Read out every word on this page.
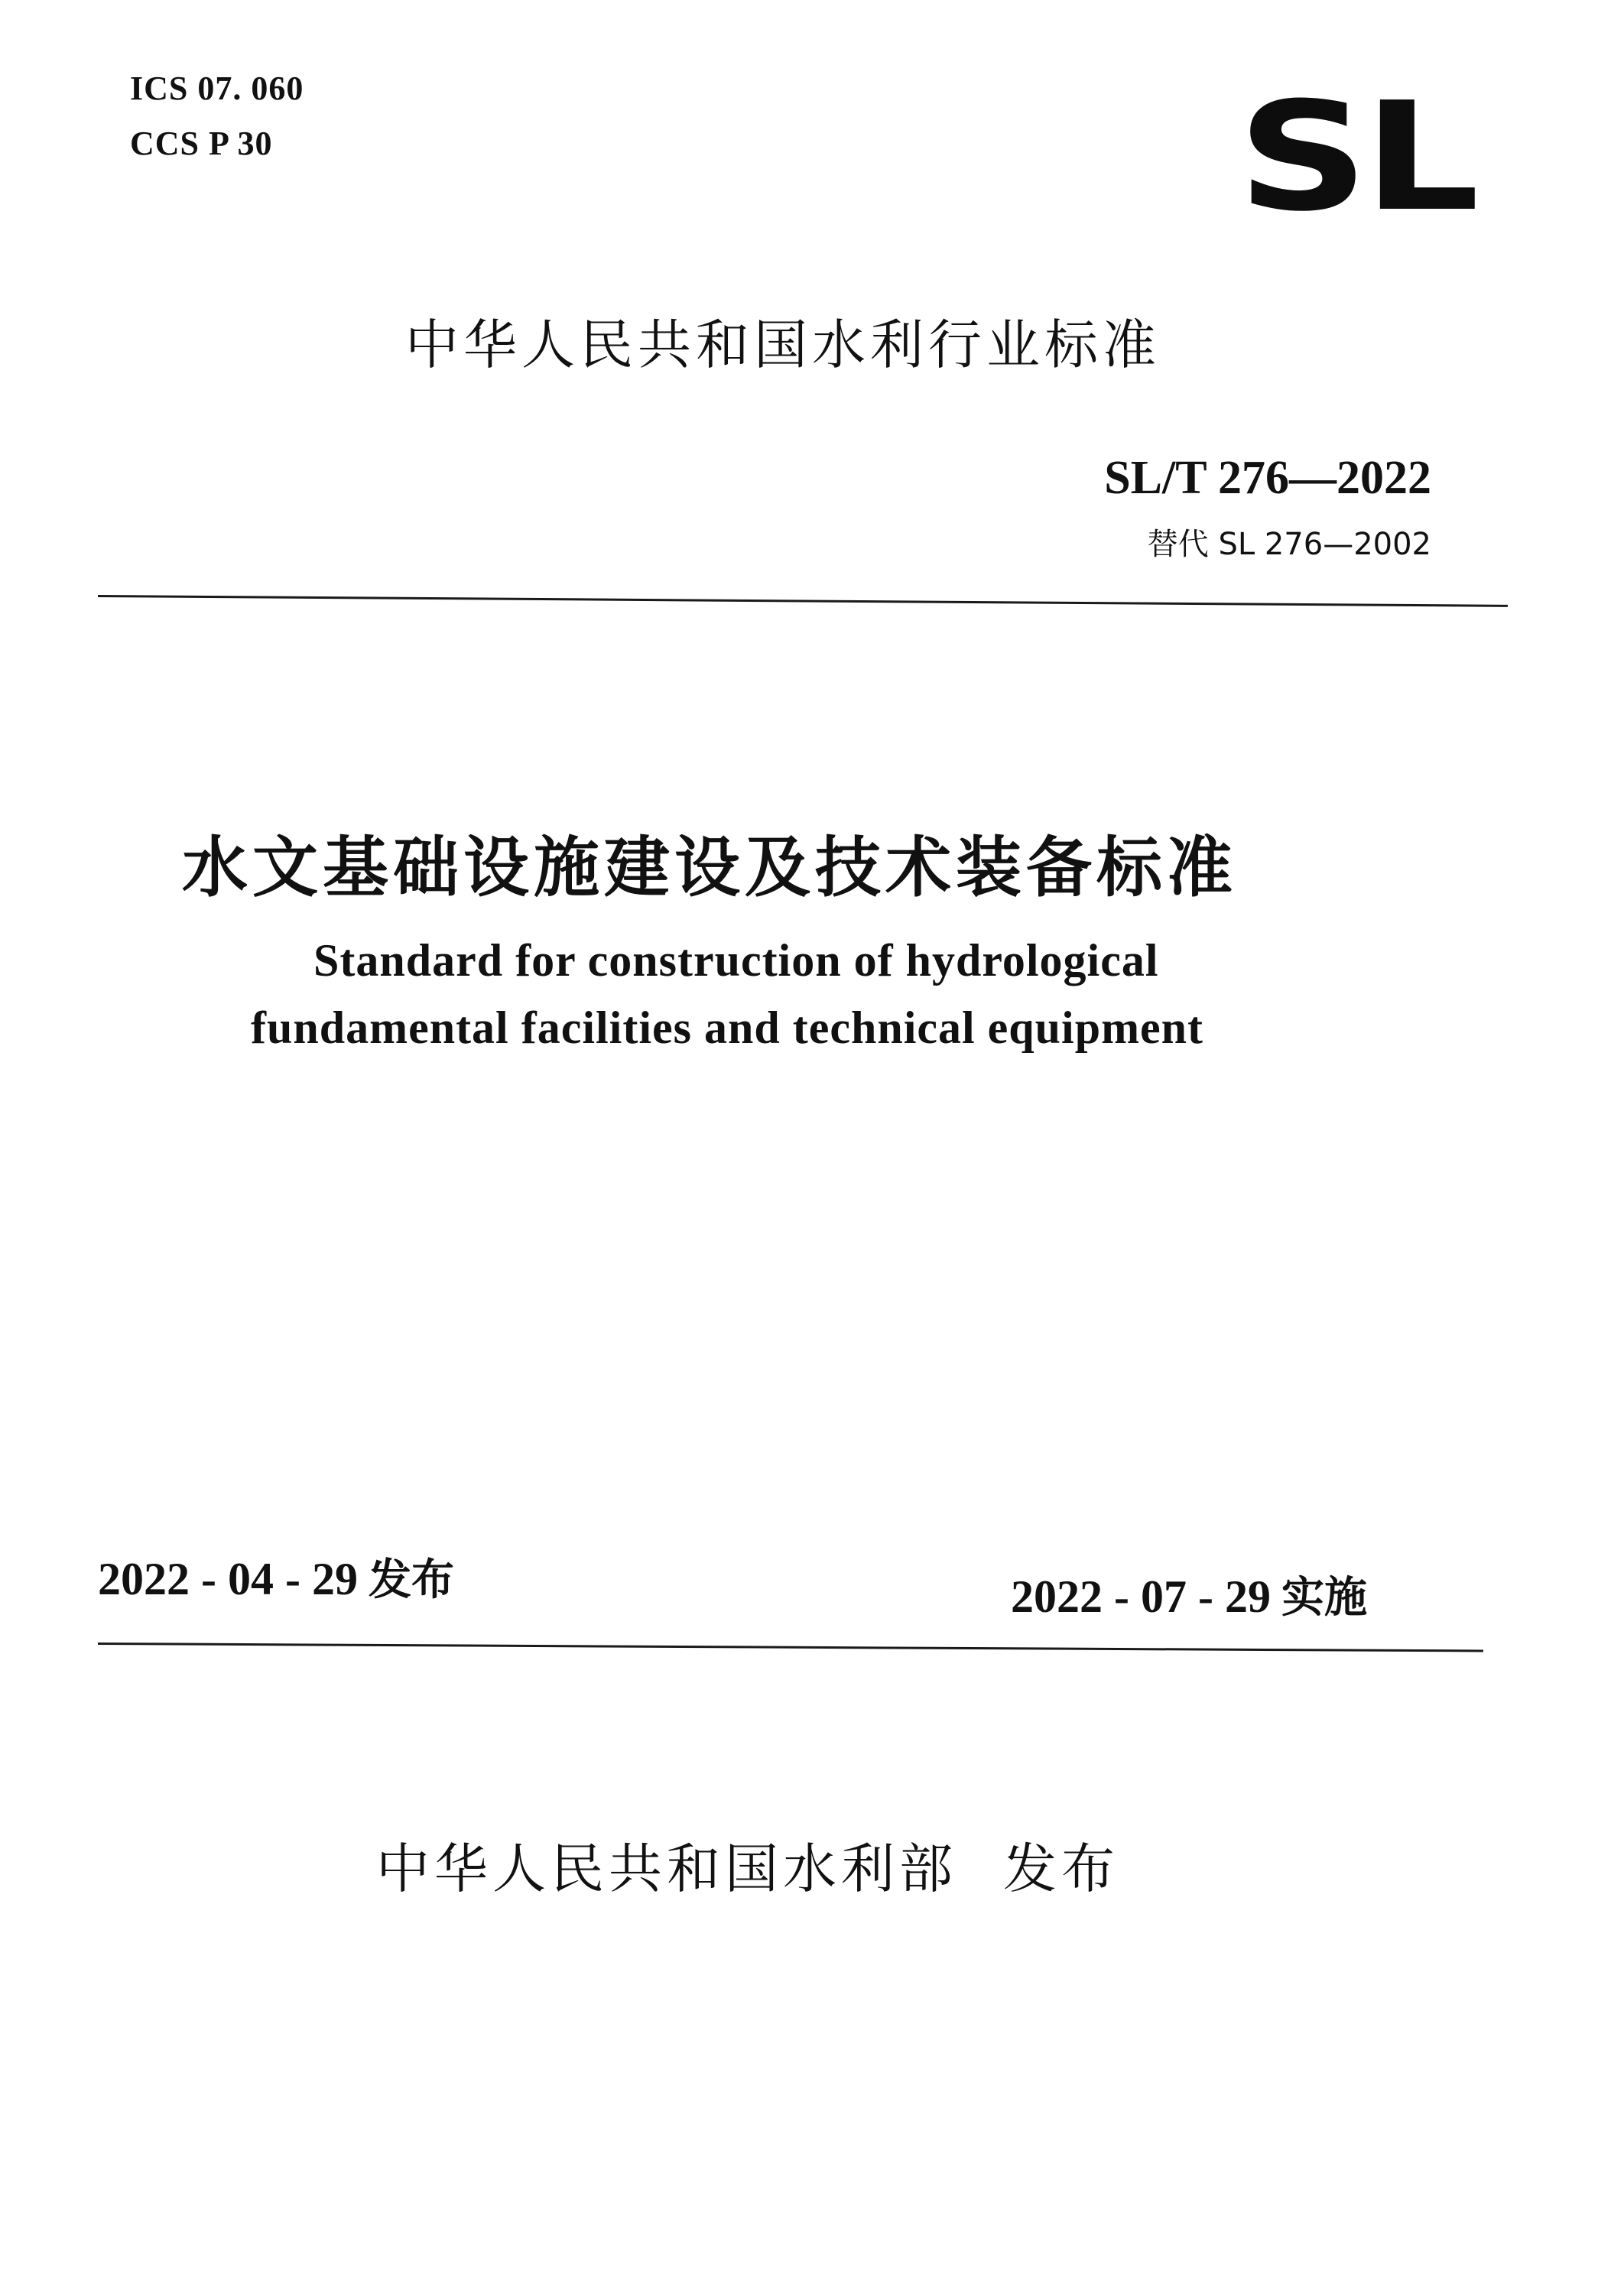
ICS 07. 060
CCS P 30	SL
中华人民共和国水利行业标准
SL/T 276—2022
替代 SL 276—2002
水文基础设施建设及技术装备标准
Standard for construction of hydrological
fundamental facilities and technical equipment
2022 - 04 - 29 发布	2022 - 07 - 29 实施
中华人民共和国水利部 发布
